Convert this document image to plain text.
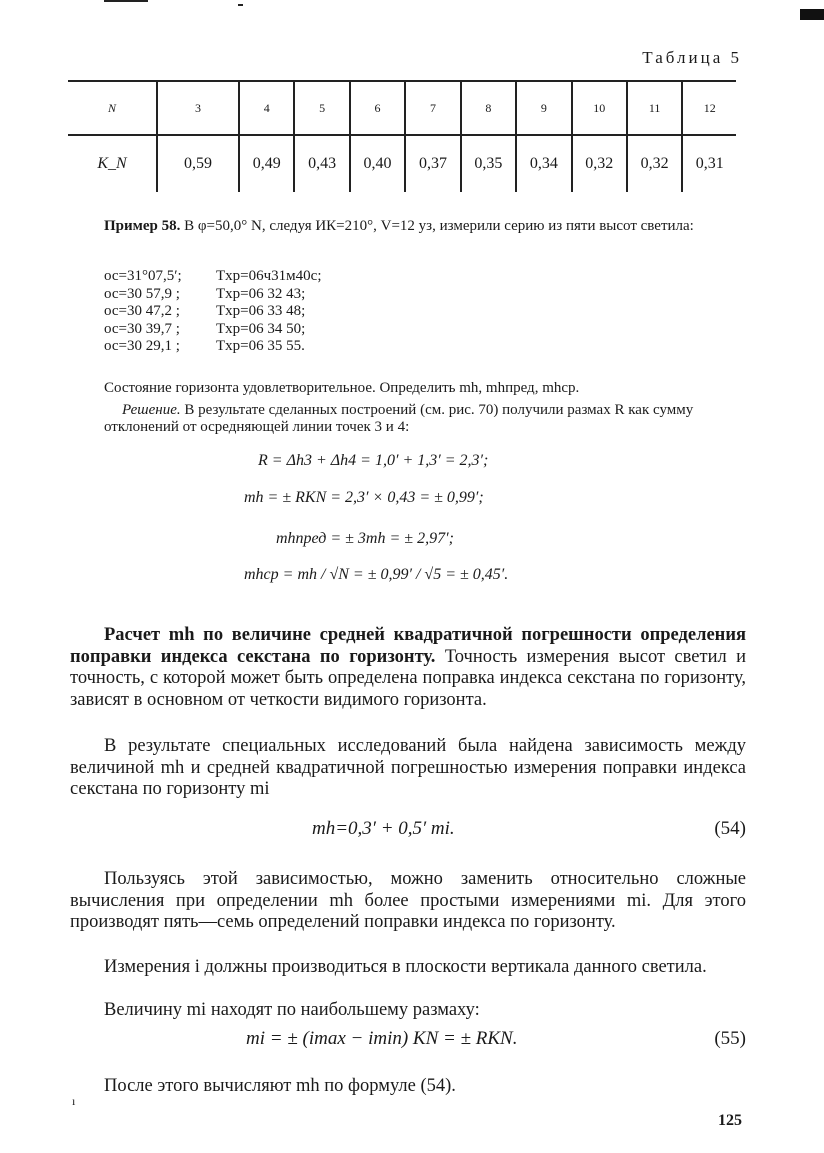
Таблица 5
N	3	4	5	6	7	8	9	10	11	12
K_N	0,59	0,49	0,43	0,40	0,37	0,35	0,34	0,32	0,32	0,31
Пример 58. В φ=50,0° N, следуя ИК=210°, V=12 уз, измерили серию из пяти высот светила:
ос=31°07,5′;	Tхр=06ч31м40с;
ос=30 57,9 ;	Tхр=06 32 43;
ос=30 47,2 ;	Tхр=06 33 48;
ос=30 39,7 ;	Tхр=06 34 50;
ос=30 29,1 ;	Tхр=06 35 55.
Состояние горизонта удовлетворительное. Определить mh, mhпред, mhср.
Решение. В результате сделанных построений (см. рис. 70) получили размах R как сумму отклонений от осредняющей линии точек 3 и 4:
R = Δh3 + Δh4 = 1,0′ + 1,3′ = 2,3′;
mh = ± RKN = 2,3′ × 0,43 = ± 0,99′;
mhпред = ± 3mh = ± 2,97′;
mhср = mh / √N = ± 0,99′ / √5 = ± 0,45′.
Расчет mh по величине средней квадратичной погрешности определения поправки индекса секстана по горизонту. Точность измерения высот светил и точность, с которой может быть определена поправка индекса секстана по горизонту, зависят в основном от четкости видимого горизонта.
В результате специальных исследований была найдена зависимость между величиной mh и средней квадратичной погрешностью измерения поправки индекса секстана по горизонту mi
mh=0,3′ + 0,5′ mi.	(54)
Пользуясь этой зависимостью, можно заменить относительно сложные вычисления при определении mh более простыми измерениями mi. Для этого производят пять—семь определений поправки индекса по горизонту.
Измерения i должны производиться в плоскости вертикала данного светила.
Величину mi находят по наибольшему размаху:
mi = ± (imax − imin) KN = ± RKN.	(55)
После этого вычисляют mh по формуле (54).
ı
125
